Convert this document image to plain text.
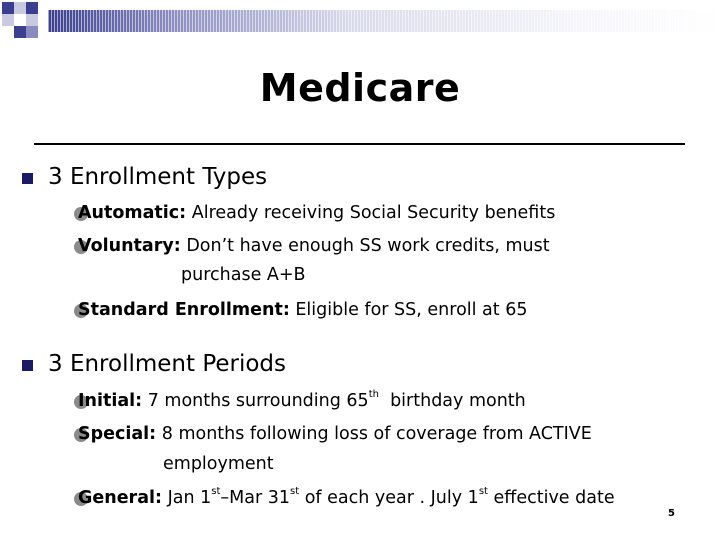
Medicare
3 Enrollment Types
Automatic: Already receiving Social Security benefits
Voluntary: Don’t have enough SS work credits, must
purchase A+B
Standard Enrollment: Eligible for SS, enroll at 65
3 Enrollment Periods
Initial: 7 months surrounding 65th  birthday month
Special: 8 months following loss of coverage from ACTIVE
employment
General: Jan 1st–Mar 31st of each year . July 1st effective date
5
